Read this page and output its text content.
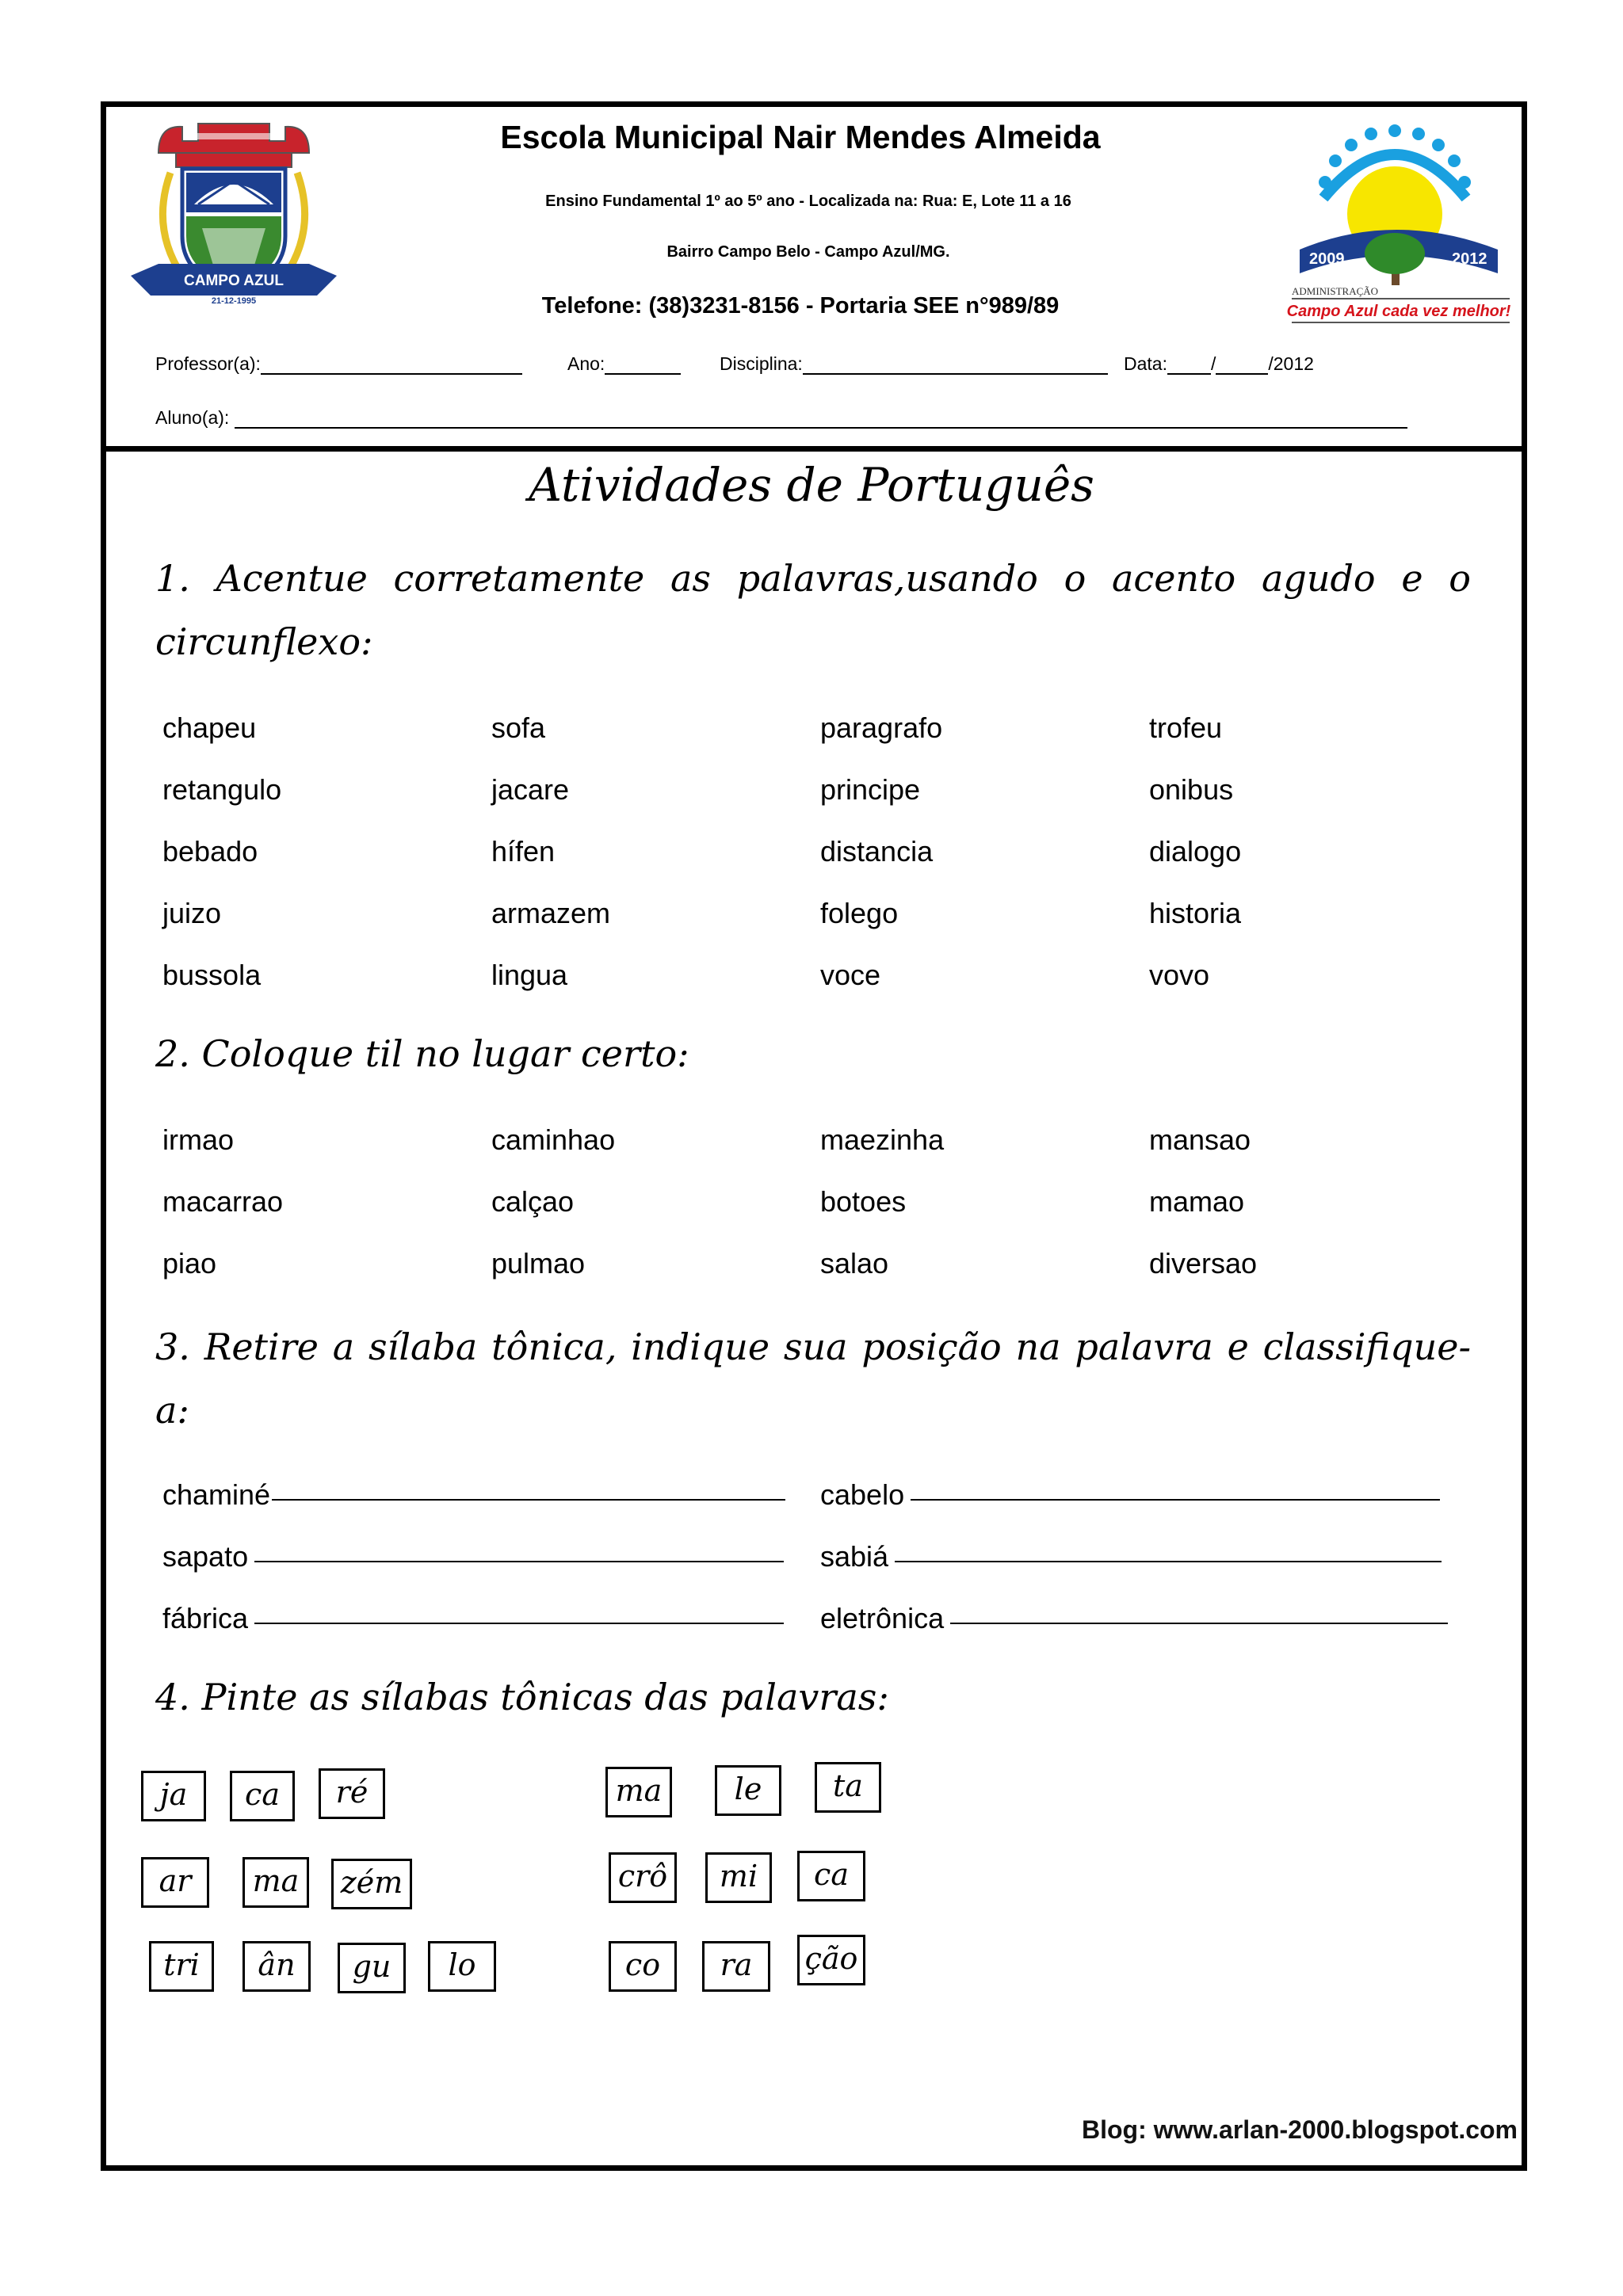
CAMPO AZUL
21-12-1995
Escola Municipal Nair Mendes Almeida
Ensino Fundamental 1º ao 5º ano - Localizada na: Rua: E, Lote 11 a 16
Bairro Campo Belo - Campo Azul/MG.
Telefone: (38)3231-8156 - Portaria SEE n°989/89
2009	2012
ADMINISTRAÇÃO
Campo Azul cada vez melhor!
Professor(a):	Ano:	Disciplina:	Data: /	/2012
Aluno(a):
Atividades de Português
1. Acentue corretamente as palavras,usando o acento agudo e o circunflexo:
chapeu	sofa	paragrafo	trofeu
retangulo	jacare	principe	onibus
bebado	hífen	distancia	dialogo
juizo	armazem	folego	historia
bussola	lingua	voce	vovo
2. Coloque til no lugar certo:
irmao	caminhao	maezinha	mansao
macarrao	calçao	botoes	mamao
piao	pulmao	salao	diversao
3. Retire a sílaba tônica, indique sua posição na palavra e classifique-a:
chaminé	cabelo
sapato	sabiá
fábrica	eletrônica
4. Pinte as sílabas tônicas das palavras:
ja	ca	ré	ma	le	ta
ar	ma	zém	crô	mi	ca
tri	ân	gu	lo	co	ra	ção
Blog: www.arlan-2000.blogspot.com
